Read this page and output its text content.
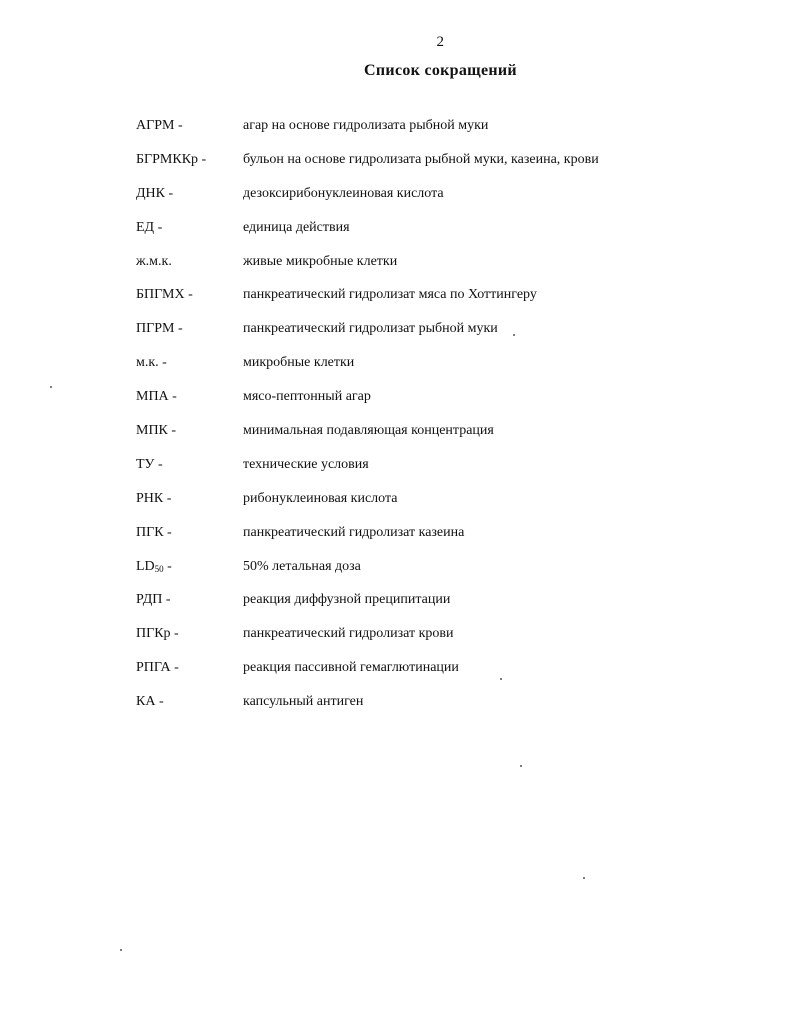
2
Список сокращений
АГРМ -	агар на основе гидролизата рыбной муки
БГРМККр -	бульон на основе гидролизата рыбной муки, казеина, крови
ДНК -	дезоксирибонуклеиновая кислота
ЕД -	единица действия
ж.м.к.	живые микробные клетки
БПГМХ -	панкреатический гидролизат мяса по Хоттингеру
ПГРМ -	панкреатический гидролизат рыбной муки
м.к. -	микробные клетки
МПА -	мясо-пептонный агар
МПК -	минимальная подавляющая концентрация
ТУ -	технические условия
РНК -	рибонуклеиновая кислота
ПГК -	панкреатический гидролизат казеина
$LD_{50}$ -	50% летальная доза
РДП -	реакция диффузной преципитации
ПГКр -	панкреатический гидролизат крови
РПГА -	реакция пассивной гемаглютинации
КА -	капсульный антиген
